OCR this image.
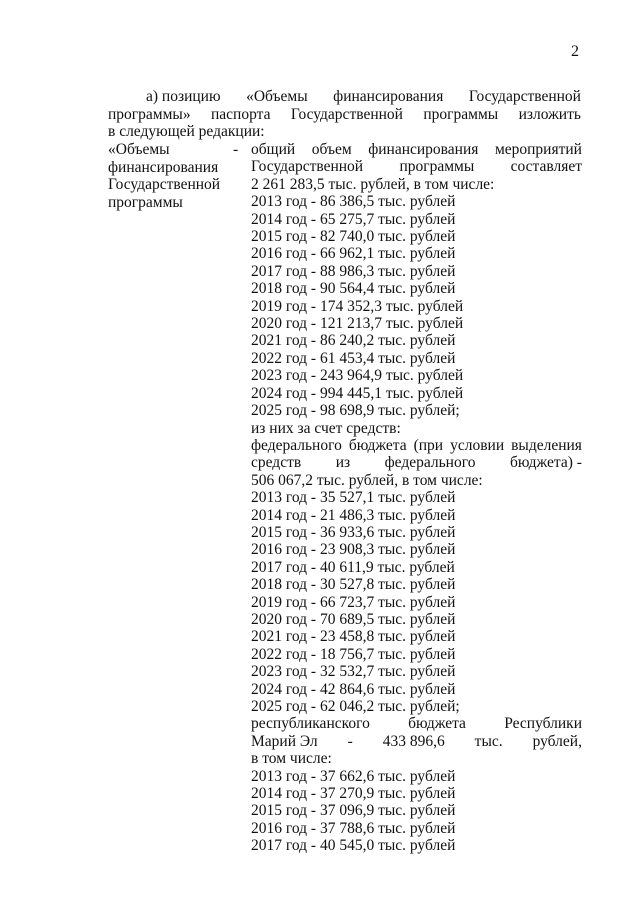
2
а) позицию «Объемы финансирования Государственной
программы» паспорта Государственной программы изложить
в следующей редакции:
«Объемы
финансирования
Государственной
программы
- общий объем финансирования мероприятий
Государственной программы составляет
2 261 283,5 тыс. рублей, в том числе:
2013 год - 86 386,5 тыс. рублей
2014 год - 65 275,7 тыс. рублей
2015 год - 82 740,0 тыс. рублей
2016 год - 66 962,1 тыс. рублей
2017 год - 88 986,3 тыс. рублей
2018 год - 90 564,4 тыс. рублей
2019 год - 174 352,3 тыс. рублей
2020 год - 121 213,7 тыс. рублей
2021 год - 86 240,2 тыс. рублей
2022 год - 61 453,4 тыс. рублей
2023 год - 243 964,9 тыс. рублей
2024 год - 994 445,1 тыс. рублей
2025 год - 98 698,9 тыс. рублей;
из них за счет средств:
федерального бюджета (при условии выделения
средств из федерального бюджета) -
506 067,2 тыс. рублей, в том числе:
2013 год - 35 527,1 тыс. рублей
2014 год - 21 486,3 тыс. рублей
2015 год - 36 933,6 тыс. рублей
2016 год - 23 908,3 тыс. рублей
2017 год - 40 611,9 тыс. рублей
2018 год - 30 527,8 тыс. рублей
2019 год - 66 723,7 тыс. рублей
2020 год - 70 689,5 тыс. рублей
2021 год - 23 458,8 тыс. рублей
2022 год - 18 756,7 тыс. рублей
2023 год - 32 532,7 тыс. рублей
2024 год - 42 864,6 тыс. рублей
2025 год - 62 046,2 тыс. рублей;
республиканского бюджета Республики
Марий Эл - 433 896,6 тыс. рублей,
в том числе:
2013 год - 37 662,6 тыс. рублей
2014 год - 37 270,9 тыс. рублей
2015 год - 37 096,9 тыс. рублей
2016 год - 37 788,6 тыс. рублей
2017 год - 40 545,0 тыс. рублей
